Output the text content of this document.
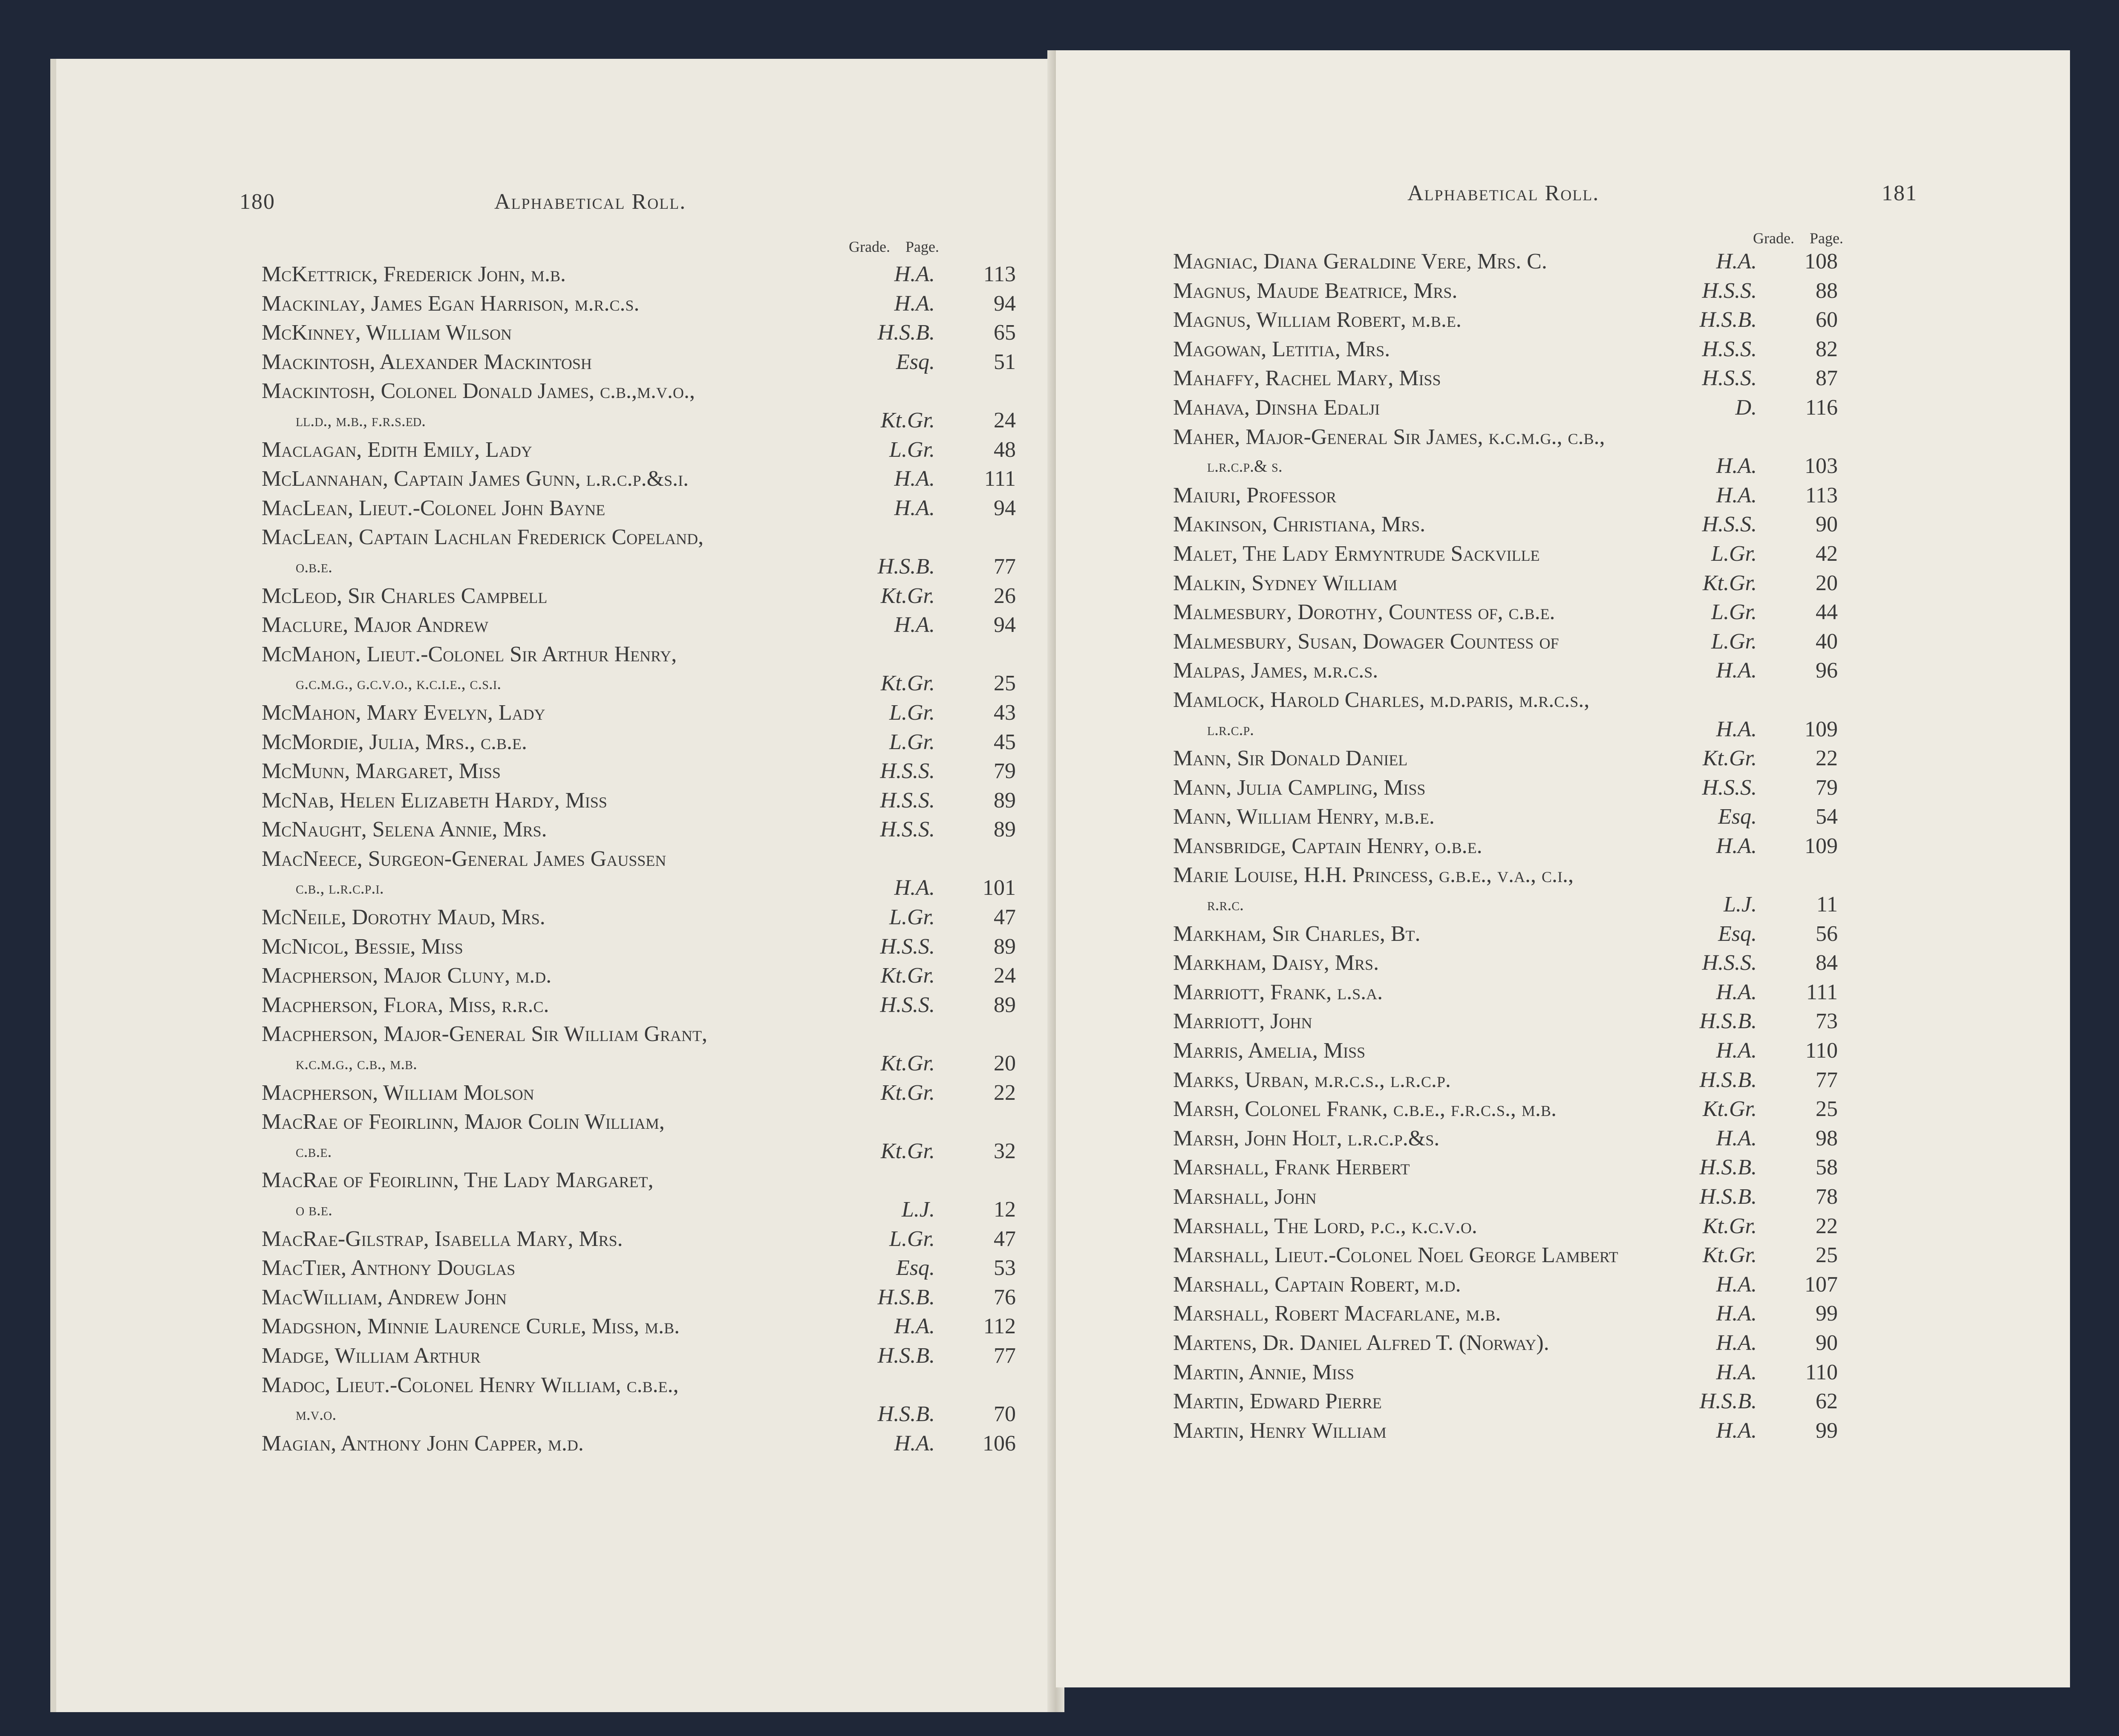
180	Alphabetical Roll.
Grade. Page.
McKettrick, Frederick John, m.b.	H.A.	113
Mackinlay, James Egan Harrison, m.r.c.s.	H.A.	94
McKinney, William Wilson	H.S.B.	65
Mackintosh, Alexander Mackintosh	Esq.	51
Mackintosh, Colonel Donald James, c.b.,m.v.o.,
ll.d., m.b., f.r.s.ed.	Kt.Gr.	24
Maclagan, Edith Emily, Lady	L.Gr.	48
McLannahan, Captain James Gunn, l.r.c.p.&s.i.	H.A.	111
MacLean, Lieut.-Colonel John Bayne	H.A.	94
MacLean, Captain Lachlan Frederick Copeland,
o.b.e.	H.S.B.	77
McLeod, Sir Charles Campbell	Kt.Gr.	26
Maclure, Major Andrew	H.A.	94
McMahon, Lieut.-Colonel Sir Arthur Henry,
g.c.m.g., g.c.v.o., k.c.i.e., c.s.i.	Kt.Gr.	25
McMahon, Mary Evelyn, Lady	L.Gr.	43
McMordie, Julia, Mrs., c.b.e.	L.Gr.	45
McMunn, Margaret, Miss	H.S.S.	79
McNab, Helen Elizabeth Hardy, Miss	H.S.S.	89
McNaught, Selena Annie, Mrs.	H.S.S.	89
MacNeece, Surgeon-General James Gaussen
c.b., l.r.c.p.i.	H.A.	101
McNeile, Dorothy Maud, Mrs.	L.Gr.	47
McNicol, Bessie, Miss	H.S.S.	89
Macpherson, Major Cluny, m.d.	Kt.Gr.	24
Macpherson, Flora, Miss, r.r.c.	H.S.S.	89
Macpherson, Major-General Sir William Grant,
k.c.m.g., c.b., m.b.	Kt.Gr.	20
Macpherson, William Molson	Kt.Gr.	22
MacRae of Feoirlinn, Major Colin William,
c.b.e.	Kt.Gr.	32
MacRae of Feoirlinn, The Lady Margaret,
o b.e.	L.J.	12
MacRae-Gilstrap, Isabella Mary, Mrs.	L.Gr.	47
MacTier, Anthony Douglas	Esq.	53
MacWilliam, Andrew John	H.S.B.	76
Madgshon, Minnie Laurence Curle, Miss, m.b.	H.A.	112
Madge, William Arthur	H.S.B.	77
Madoc, Lieut.-Colonel Henry William, c.b.e.,
m.v.o.	H.S.B.	70
Magian, Anthony John Capper, m.d.	H.A.	106
Alphabetical Roll.	181
Grade. Page.
Magniac, Diana Geraldine Vere, Mrs. C.	H.A.	108
Magnus, Maude Beatrice, Mrs.	H.S.S.	88
Magnus, William Robert, m.b.e.	H.S.B.	60
Magowan, Letitia, Mrs.	H.S.S.	82
Mahaffy, Rachel Mary, Miss	H.S.S.	87
Mahava, Dinsha Edalji	D.	116
Maher, Major-General Sir James, k.c.m.g., c.b.,
l.r.c.p.& s.	H.A.	103
Maiuri, Professor	H.A.	113
Makinson, Christiana, Mrs.	H.S.S.	90
Malet, The Lady Ermyntrude Sackville	L.Gr.	42
Malkin, Sydney William	Kt.Gr.	20
Malmesbury, Dorothy, Countess of, c.b.e.	L.Gr.	44
Malmesbury, Susan, Dowager Countess of	L.Gr.	40
Malpas, James, m.r.c.s.	H.A.	96
Mamlock, Harold Charles, m.d.paris, m.r.c.s.,
l.r.c.p.	H.A.	109
Mann, Sir Donald Daniel	Kt.Gr.	22
Mann, Julia Campling, Miss	H.S.S.	79
Mann, William Henry, m.b.e.	Esq.	54
Mansbridge, Captain Henry, o.b.e.	H.A.	109
Marie Louise, H.H. Princess, g.b.e., v.a., c.i.,
r.r.c.	L.J.	11
Markham, Sir Charles, Bt.	Esq.	56
Markham, Daisy, Mrs.	H.S.S.	84
Marriott, Frank, l.s.a.	H.A.	111
Marriott, John	H.S.B.	73
Marris, Amelia, Miss	H.A.	110
Marks, Urban, m.r.c.s., l.r.c.p.	H.S.B.	77
Marsh, Colonel Frank, c.b.e., f.r.c.s., m.b.	Kt.Gr.	25
Marsh, John Holt, l.r.c.p.&s.	H.A.	98
Marshall, Frank Herbert	H.S.B.	58
Marshall, John	H.S.B.	78
Marshall, The Lord, p.c., k.c.v.o.	Kt.Gr.	22
Marshall, Lieut.-Colonel Noel George Lambert	Kt.Gr.	25
Marshall, Captain Robert, m.d.	H.A.	107
Marshall, Robert Macfarlane, m.b.	H.A.	99
Martens, Dr. Daniel Alfred T. (Norway).	H.A.	90
Martin, Annie, Miss	H.A.	110
Martin, Edward Pierre	H.S.B.	62
Martin, Henry William	H.A.	99
